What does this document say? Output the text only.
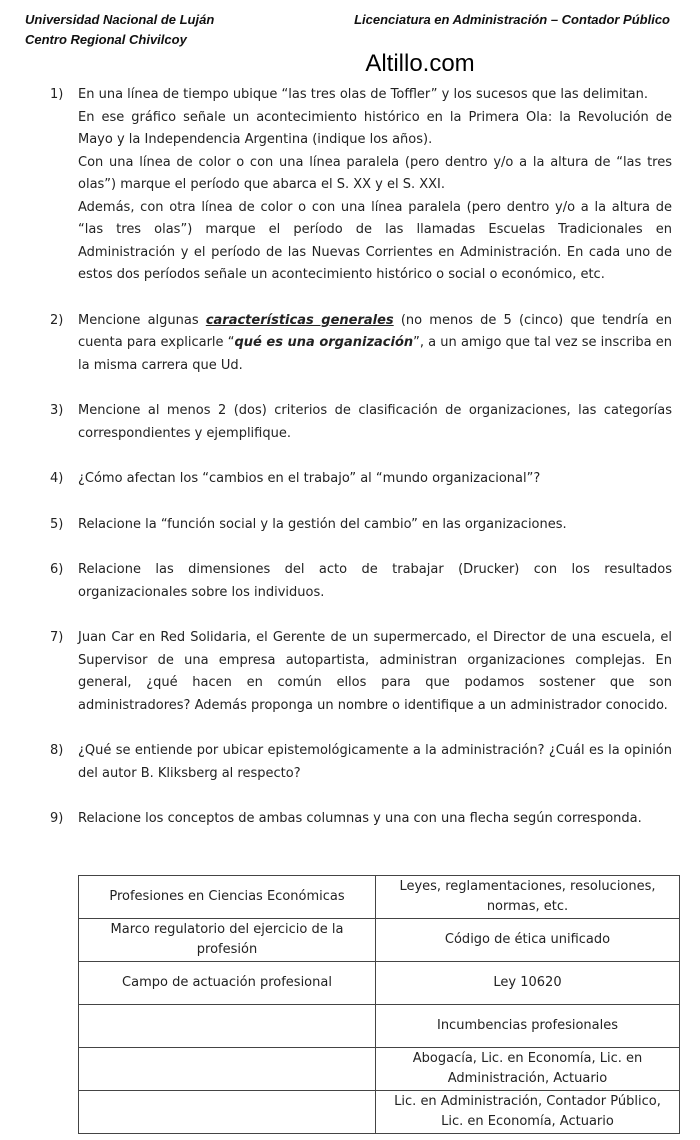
Universidad Nacional de Luján
Centro Regional Chivilcoy
Licenciatura en Administración – Contador Público
Altillo.com
1) En una línea de tiempo ubique “las tres olas de Toffler” y los sucesos que las delimitan.

En ese gráfico señale un acontecimiento histórico en la Primera Ola: la Revolución de Mayo y la Independencia Argentina (indique los años).

Con una línea de color o con una línea paralela (pero dentro y/o a la altura de “las tres olas”) marque el período que abarca el S. XX y el S. XXI.

Además, con otra línea de color o con una línea paralela (pero dentro y/o a la altura de “las tres olas”) marque el período de las llamadas Escuelas Tradicionales en Administración y el período de las Nuevas Corrientes en Administración. En cada uno de estos dos períodos señale un acontecimiento histórico o social o económico, etc.

2) Mencione algunas características generales (no menos de 5 (cinco) que tendría en cuenta para explicarle “qué es una organización”, a un amigo que tal vez se inscriba en la misma carrera que Ud.

3) Mencione al menos 2 (dos) criterios de clasificación de organizaciones, las categorías correspondientes y ejemplifique.

4) ¿Cómo afectan los “cambios en el trabajo” al “mundo organizacional”?

5) Relacione la “función social y la gestión del cambio” en las organizaciones.

6) Relacione las dimensiones del acto de trabajar (Drucker) con los resultados organizacionales sobre los individuos.

7) Juan Car en Red Solidaria, el Gerente de un supermercado, el Director de una escuela, el Supervisor de una empresa autopartista, administran organizaciones complejas. En general, ¿qué hacen en común ellos para que podamos sostener que son administradores? Además proponga un nombre o identifique a un administrador conocido.

8) ¿Qué se entiende por ubicar epistemológicamente a la administración? ¿Cuál es la opinión del autor B. Kliksberg al respecto?

9) Relacione los conceptos de ambas columnas y una con una flecha según corresponda.

Profesiones en Ciencias Económicas	Leyes, reglamentaciones, resoluciones, normas, etc.
Marco regulatorio del ejercicio de la profesión	Código de ética unificado
Campo de actuación profesional	Ley 10620
	Incumbencias profesionales
	Abogacía, Lic. en Economía, Lic. en Administración, Actuario
	Lic. en Administración, Contador Público, Lic. en Economía, Actuario
